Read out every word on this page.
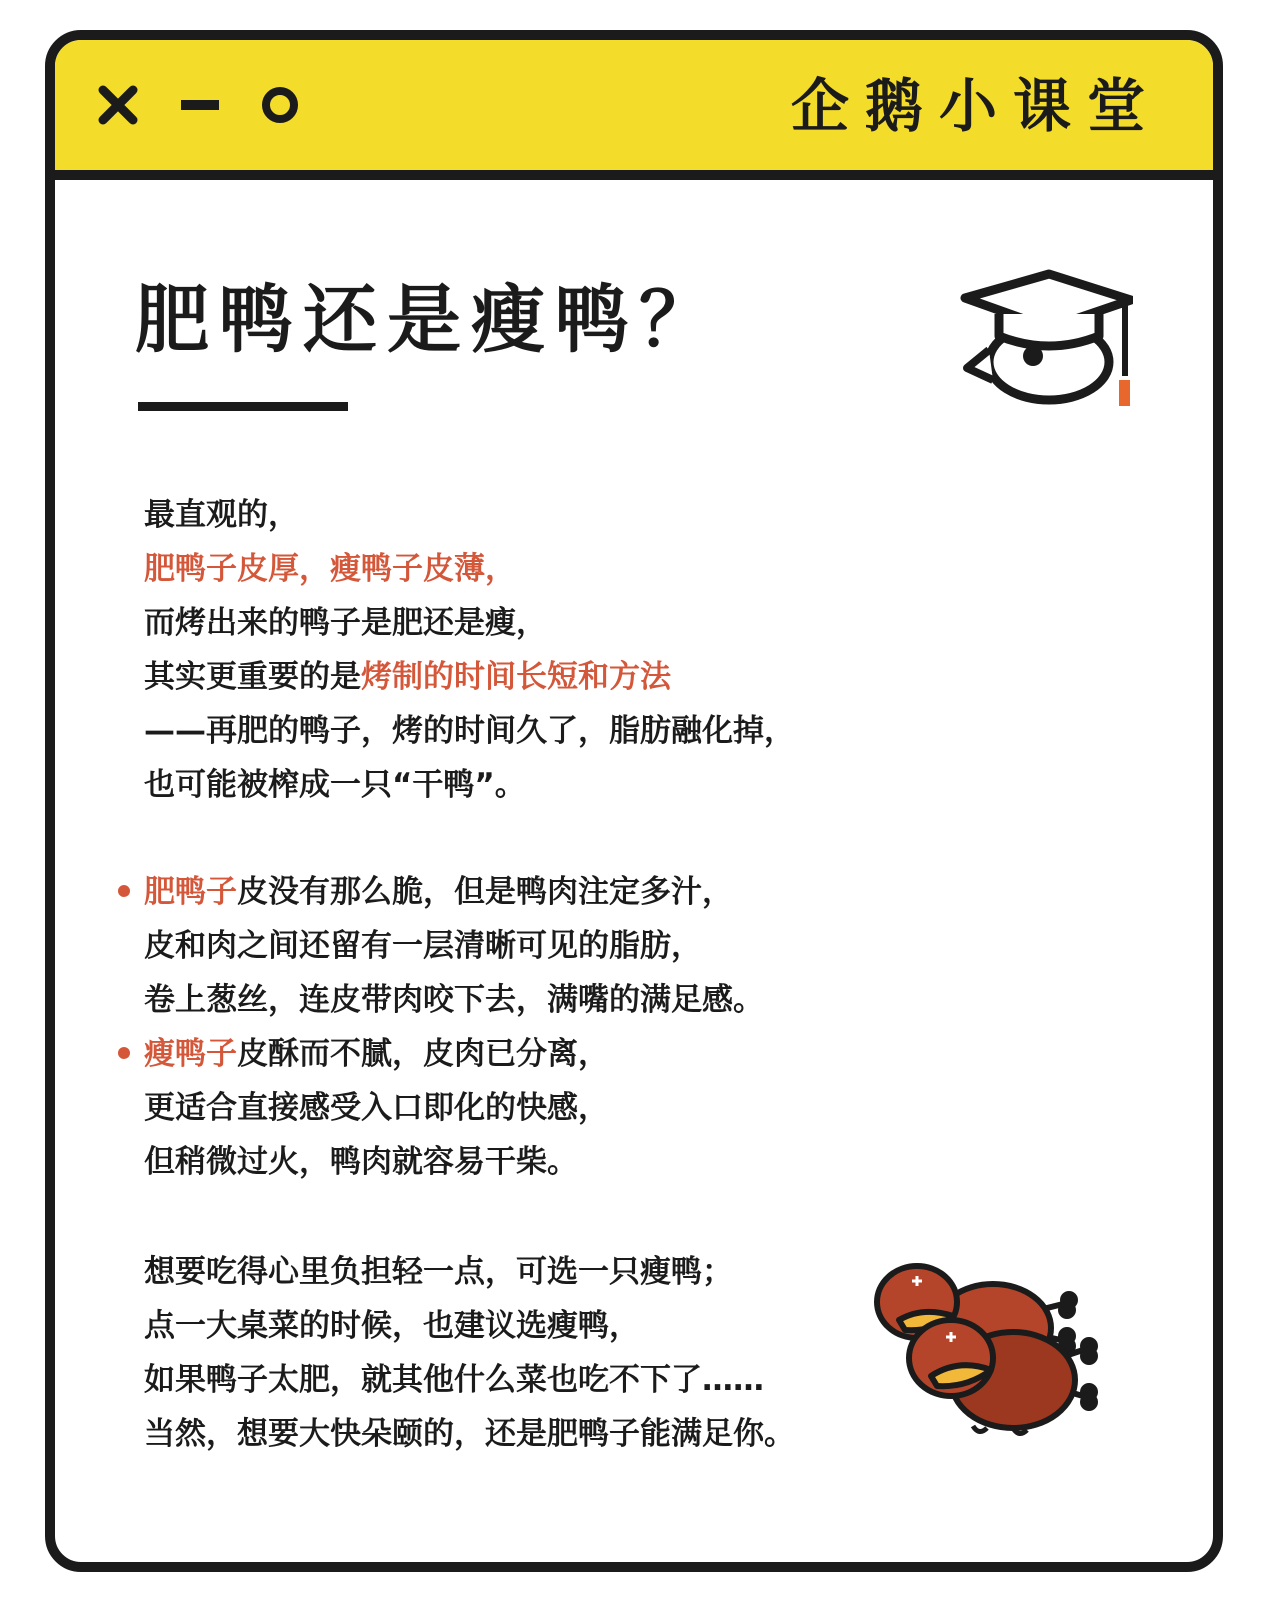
企鹅小课堂
肥鸭还是瘦鸭？
最直观的，
肥鸭子皮厚，瘦鸭子皮薄，
而烤出来的鸭子是肥还是瘦，
其实更重要的是烤制的时间长短和方法
——再肥的鸭子，烤的时间久了，脂肪融化掉，
也可能被榨成一只“干鸭”。
肥鸭子皮没有那么脆，但是鸭肉注定多汁，
皮和肉之间还留有一层清晰可见的脂肪，
卷上葱丝，连皮带肉咬下去，满嘴的满足感。
瘦鸭子皮酥而不腻，皮肉已分离，
更适合直接感受入口即化的快感，
但稍微过火，鸭肉就容易干柴。
想要吃得心里负担轻一点，可选一只瘦鸭；
点一大桌菜的时候，也建议选瘦鸭，
如果鸭子太肥，就其他什么菜也吃不下了……
当然，想要大快朵颐的，还是肥鸭子能满足你。
